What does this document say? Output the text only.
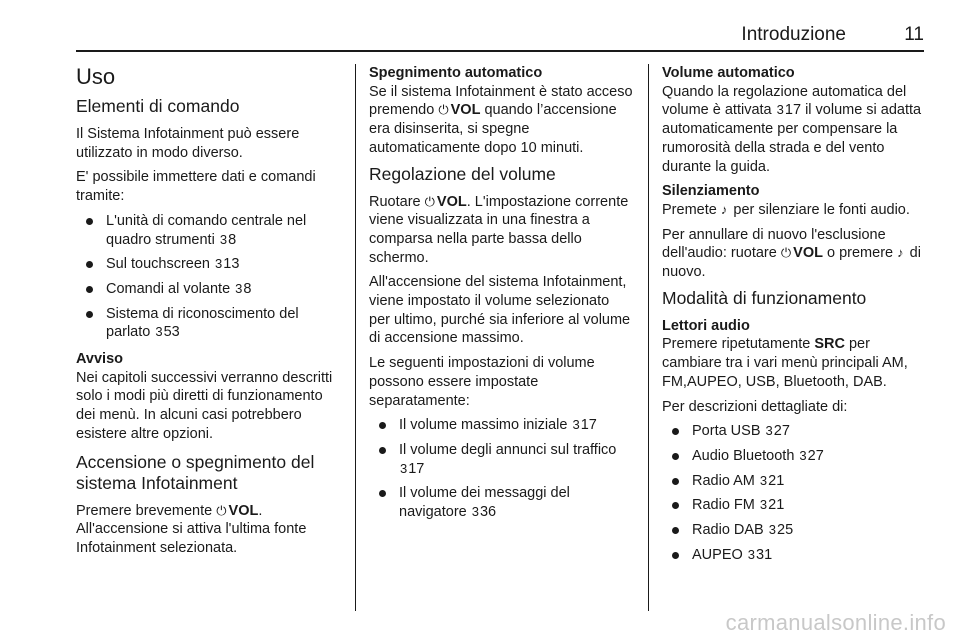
Introduzione	11
Uso
Elementi di comando

Il Sistema Infotainment può essere utilizzato in modo diverso.

E' possibile immettere dati e comandi tramite:

L'unità di comando centrale nel quadro strumenti 38
Sul touchscreen 313
Comandi al volante 38
Sistema di riconoscimento del parlato 353
Avviso
Nei capitoli successivi verranno descritti solo i modi più diretti di funzionamento dei menù. In alcuni casi potrebbero esistere altre opzioni.
Accensione o spegnimento del sistema Infotainment

Premere brevemente ⏻ VOL. All'accensione si attiva l'ultima fonte Infotainment selezionata.

Spegnimento automatico

Se il sistema Infotainment è stato acceso premendo ⏻ VOL quando l’accensione era disinserita, si spegne automaticamente dopo 10 minuti.

Regolazione del volume

Ruotare ⏻ VOL. L'impostazione corrente viene visualizzata in una finestra a comparsa nella parte bassa dello schermo.

All'accensione del sistema Infotainment, viene impostato il volume selezionato per ultimo, purché sia inferiore al volume di accensione massimo.

Le seguenti impostazioni di volume possono essere impostate separatamente:

Il volume massimo iniziale 317
Il volume degli annunci sul traffico 317
Il volume dei messaggi del navigatore 336
Volume automatico

Quando la regolazione automatica del volume è attivata 317 il volume si adatta automaticamente per compensare la rumorosità della strada e del vento durante la guida.

Silenziamento

Premete ♪ per silenziare le fonti audio.

Per annullare di nuovo l'esclusione dell'audio: ruotare ⏻ VOL o premere ♪ di nuovo.

Modalità di funzionamento
Lettori audio

Premere ripetutamente SRC per cambiare tra i vari menù principali AM, FM,AUPEO, USB, Bluetooth, DAB.

Per descrizioni dettagliate di:

Porta USB 327
Audio Bluetooth 327
Radio AM 321
Radio FM 321
Radio DAB 325
AUPEO 331
carmanualsonline.info
